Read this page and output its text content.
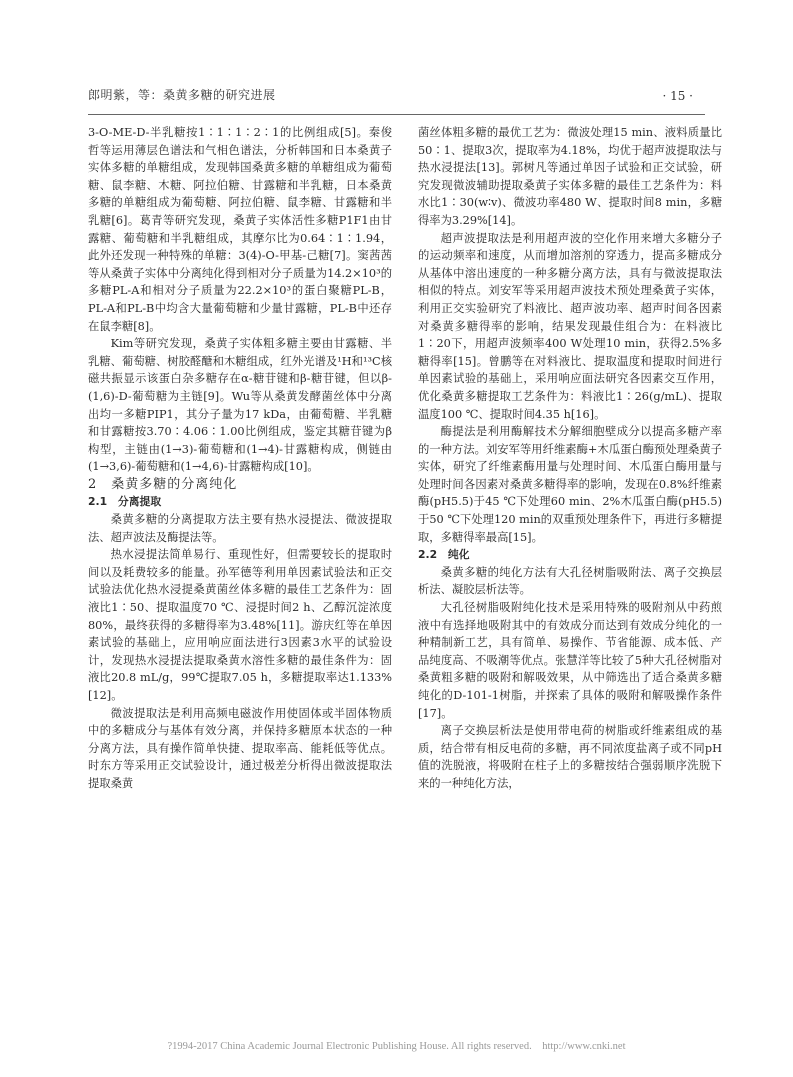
郎明紫，等：桑黄多糖的研究进展	· 15 ·

3-O-ME-D-半乳糖按1∶1∶1∶2∶1的比例组成[5]。秦俊哲等运用薄层色谱法和气相色谱法，分析韩国和日本桑黄子实体多糖的单糖组成，发现韩国桑黄多糖的单糖组成为葡萄糖、鼠李糖、木糖、阿拉伯糖、甘露糖和半乳糖，日本桑黄多糖的单糖组成为葡萄糖、阿拉伯糖、鼠李糖、甘露糖和半乳糖[6]。葛青等研究发现，桑黄子实体活性多糖P1F1由甘露糖、葡萄糖和半乳糖组成，其摩尔比为0.64∶1∶1.94，此外还发现一种特殊的单糖：3(4)-O-甲基-己糖[7]。窦茜茜等从桑黄子实体中分离纯化得到相对分子质量为14.2×10³的多糖PL-A和相对分子质量为22.2×10³的蛋白聚糖PL-B，PL-A和PL-B中均含大量葡萄糖和少量甘露糖，PL-B中还存在鼠李糖[8]。

Kim等研究发现，桑黄子实体粗多糖主要由甘露糖、半乳糖、葡萄糖、树胶醛醣和木糖组成，红外光谱及¹H和¹³C核磁共振显示该蛋白杂多糖存在α-糖苷键和β-糖苷键，但以β-(1,6)-D-葡萄糖为主链[9]。Wu等从桑黄发酵菌丝体中分离出均一多糖PIP1，其分子量为17 kDa，由葡萄糖、半乳糖和甘露糖按3.70∶4.06∶1.00比例组成，鉴定其糖苷键为β构型，主链由(1→3)-葡萄糖和(1→4)-甘露糖构成，侧链由(1→3,6)-葡萄糖和(1→4,6)-甘露糖构成[10]。

2　桑黄多糖的分离纯化

2.1　分离提取

桑黄多糖的分离提取方法主要有热水浸提法、微波提取法、超声波法及酶提法等。

热水浸提法简单易行、重现性好，但需要较长的提取时间以及耗费较多的能量。孙军德等利用单因素试验法和正交试验法优化热水浸提桑黄菌丝体多糖的最佳工艺条件为：固液比1∶50、提取温度70 ℃、浸提时间2 h、乙醇沉淀浓度80%，最终获得的多糖得率为3.48%[11]。游庆红等在单因素试验的基础上，应用响应面法进行3因素3水平的试验设计，发现热水浸提法提取桑黄水溶性多糖的最佳条件为：固液比20.8 mL/g，99℃提取7.05 h，多糖提取率达1.133%[12]。

微波提取法是利用高频电磁波作用使固体或半固体物质中的多糖成分与基体有效分离，并保持多糖原本状态的一种分离方法，具有操作简单快捷、提取率高、能耗低等优点。时东方等采用正交试验设计，通过极差分析得出微波提取法提取桑黄

菌丝体粗多糖的最优工艺为：微波处理15 min、液料质量比50∶1、提取3次，提取率为4.18%，均优于超声波提取法与热水浸提法[13]。郭树凡等通过单因子试验和正交试验，研究发现微波辅助提取桑黄子实体多糖的最佳工艺条件为：料水比1∶30(w∶v)、微波功率480 W、提取时间8 min，多糖得率为3.29%[14]。

超声波提取法是利用超声波的空化作用来增大多糖分子的运动频率和速度，从而增加溶剂的穿透力，提高多糖成分从基体中溶出速度的一种多糖分离方法，具有与微波提取法相似的特点。刘安军等采用超声波技术预处理桑黄子实体，利用正交实验研究了料液比、超声波功率、超声时间各因素对桑黄多糖得率的影响，结果发现最佳组合为：在料液比1∶20下，用超声波频率400 W处理10 min，获得2.5%多糖得率[15]。曾鹏等在对料液比、提取温度和提取时间进行单因素试验的基础上，采用响应面法研究各因素交互作用，优化桑黄多糖提取工艺条件为：料液比1∶26(g/mL)、提取温度100 ℃、提取时间4.35 h[16]。

酶提法是利用酶解技术分解细胞壁成分以提高多糖产率的一种方法。刘安军等用纤维素酶+木瓜蛋白酶预处理桑黄子实体，研究了纤维素酶用量与处理时间、木瓜蛋白酶用量与处理时间各因素对桑黄多糖得率的影响，发现在0.8%纤维素酶(pH5.5)于45 ℃下处理60 min、2%木瓜蛋白酶(pH5.5)于50 ℃下处理120 min的双重预处理条件下，再进行多糖提取，多糖得率最高[15]。

2.2　纯化

桑黄多糖的纯化方法有大孔径树脂吸附法、离子交换层析法、凝胶层析法等。

大孔径树脂吸附纯化技术是采用特殊的吸附剂从中药煎液中有选择地吸附其中的有效成分而达到有效成分纯化的一种精制新工艺，具有简单、易操作、节省能源、成本低、产品纯度高、不吸潮等优点。张慧洋等比较了5种大孔径树脂对桑黄粗多糖的吸附和解吸效果，从中筛选出了适合桑黄多糖纯化的D-101-1树脂，并探索了具体的吸附和解吸操作条件[17]。

离子交换层析法是使用带电荷的树脂或纤维素组成的基质，结合带有相反电荷的多糖，再不同浓度盐离子或不同pH值的洗脱液，将吸附在柱子上的多糖按结合强弱顺序洗脱下来的一种纯化方法，

?1994-2017 China Academic Journal Electronic Publishing House. All rights reserved.　http://www.cnki.net
